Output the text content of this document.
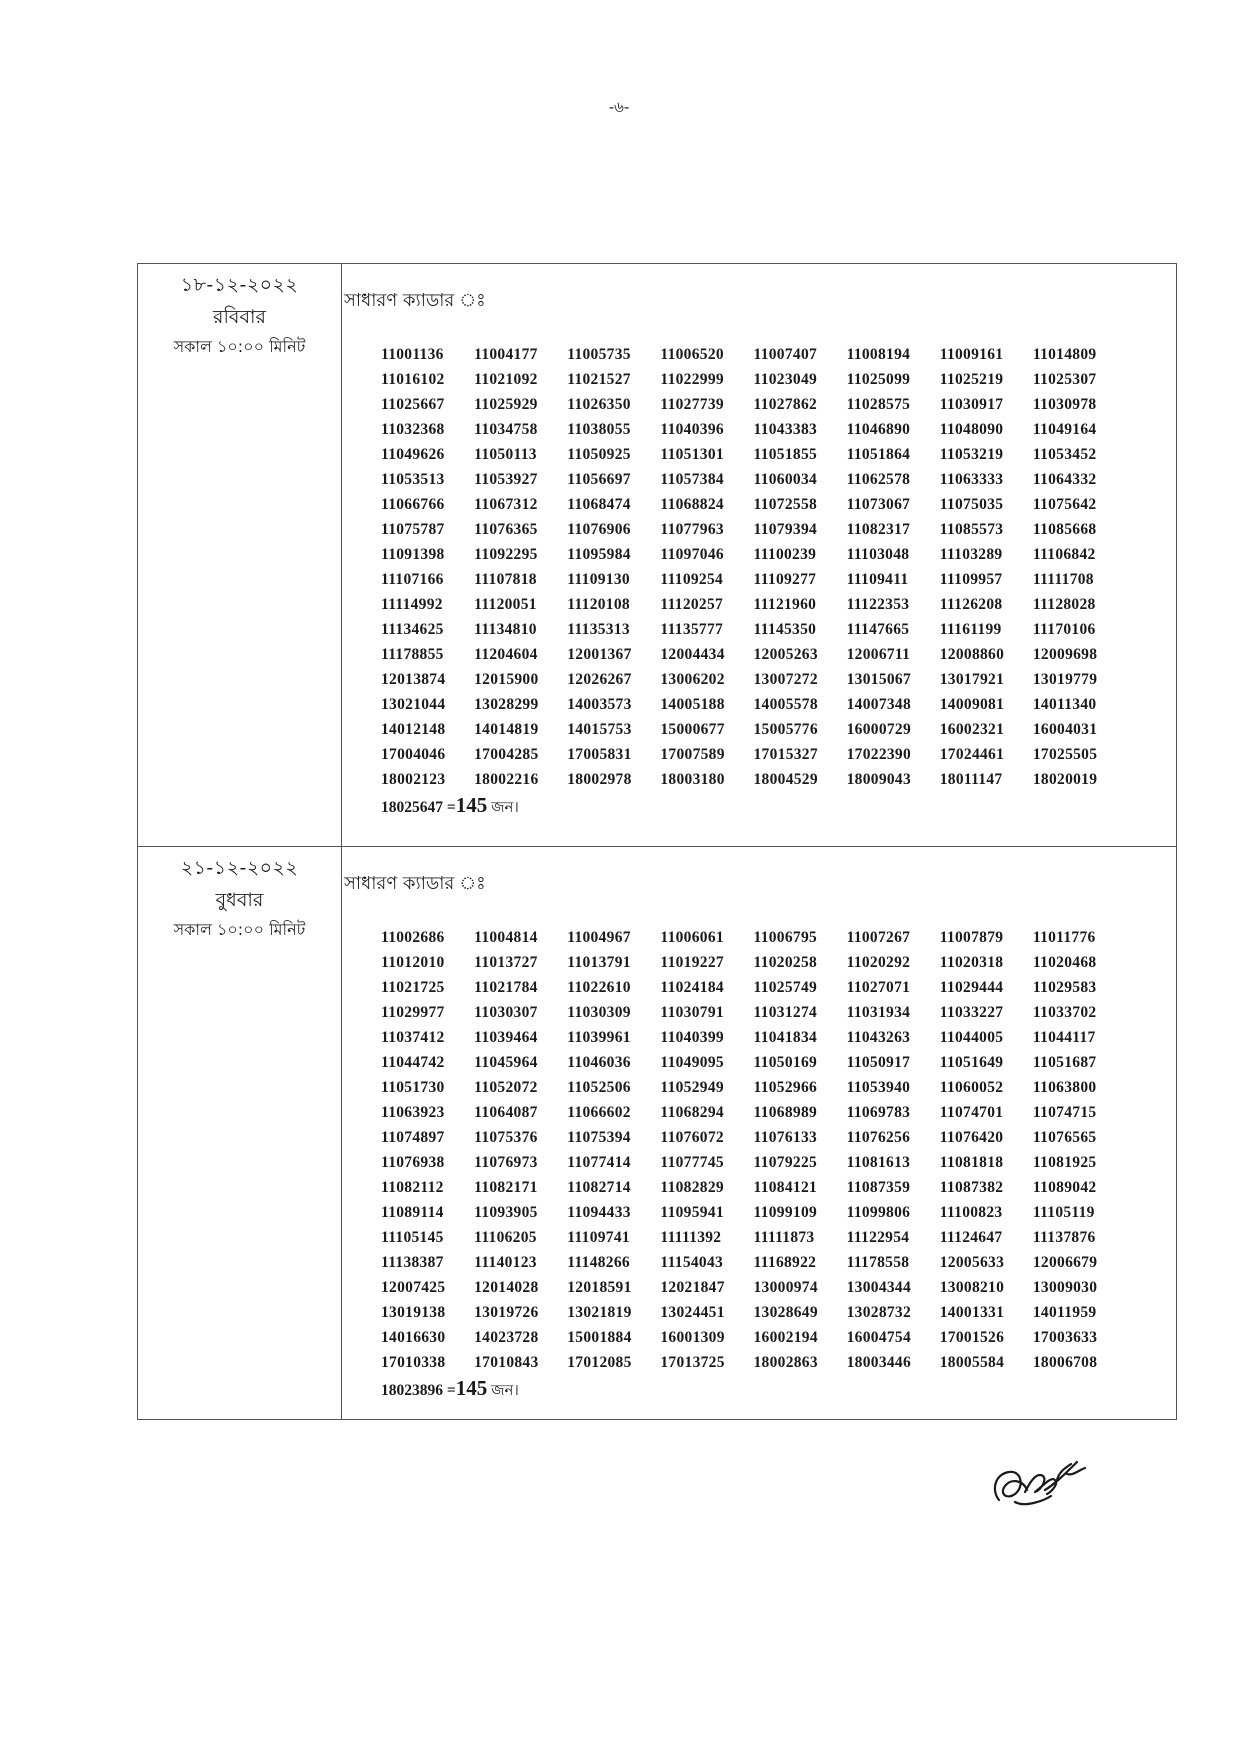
-৬-
১৮-১২-২০২২
রবিবার
সকাল ১০:০০ মিনিট
সাধারণ ক্যাডার ঃ
11001136	11004177	11005735	11006520	11007407	11008194	11009161	11014809
11016102	11021092	11021527	11022999	11023049	11025099	11025219	11025307
11025667	11025929	11026350	11027739	11027862	11028575	11030917	11030978
11032368	11034758	11038055	11040396	11043383	11046890	11048090	11049164
11049626	11050113	11050925	11051301	11051855	11051864	11053219	11053452
11053513	11053927	11056697	11057384	11060034	11062578	11063333	11064332
11066766	11067312	11068474	11068824	11072558	11073067	11075035	11075642
11075787	11076365	11076906	11077963	11079394	11082317	11085573	11085668
11091398	11092295	11095984	11097046	11100239	11103048	11103289	11106842
11107166	11107818	11109130	11109254	11109277	11109411	11109957	11111708
11114992	11120051	11120108	11120257	11121960	11122353	11126208	11128028
11134625	11134810	11135313	11135777	11145350	11147665	11161199	11170106
11178855	11204604	12001367	12004434	12005263	12006711	12008860	12009698
12013874	12015900	12026267	13006202	13007272	13015067	13017921	13019779
13021044	13028299	14003573	14005188	14005578	14007348	14009081	14011340
14012148	14014819	14015753	15000677	15005776	16000729	16002321	16004031
17004046	17004285	17005831	17007589	17015327	17022390	17024461	17025505
18002123	18002216	18002978	18003180	18004529	18009043	18011147	18020019
18025647 =145 জন।
২১-১২-২০২২
বুধবার
সকাল ১০:০০ মিনিট
সাধারণ ক্যাডার ঃ
11002686	11004814	11004967	11006061	11006795	11007267	11007879	11011776
11012010	11013727	11013791	11019227	11020258	11020292	11020318	11020468
11021725	11021784	11022610	11024184	11025749	11027071	11029444	11029583
11029977	11030307	11030309	11030791	11031274	11031934	11033227	11033702
11037412	11039464	11039961	11040399	11041834	11043263	11044005	11044117
11044742	11045964	11046036	11049095	11050169	11050917	11051649	11051687
11051730	11052072	11052506	11052949	11052966	11053940	11060052	11063800
11063923	11064087	11066602	11068294	11068989	11069783	11074701	11074715
11074897	11075376	11075394	11076072	11076133	11076256	11076420	11076565
11076938	11076973	11077414	11077745	11079225	11081613	11081818	11081925
11082112	11082171	11082714	11082829	11084121	11087359	11087382	11089042
11089114	11093905	11094433	11095941	11099109	11099806	11100823	11105119
11105145	11106205	11109741	11111392	11111873	11122954	11124647	11137876
11138387	11140123	11148266	11154043	11168922	11178558	12005633	12006679
12007425	12014028	12018591	12021847	13000974	13004344	13008210	13009030
13019138	13019726	13021819	13024451	13028649	13028732	14001331	14011959
14016630	14023728	15001884	16001309	16002194	16004754	17001526	17003633
17010338	17010843	17012085	17013725	18002863	18003446	18005584	18006708
18023896 =145 জন।
